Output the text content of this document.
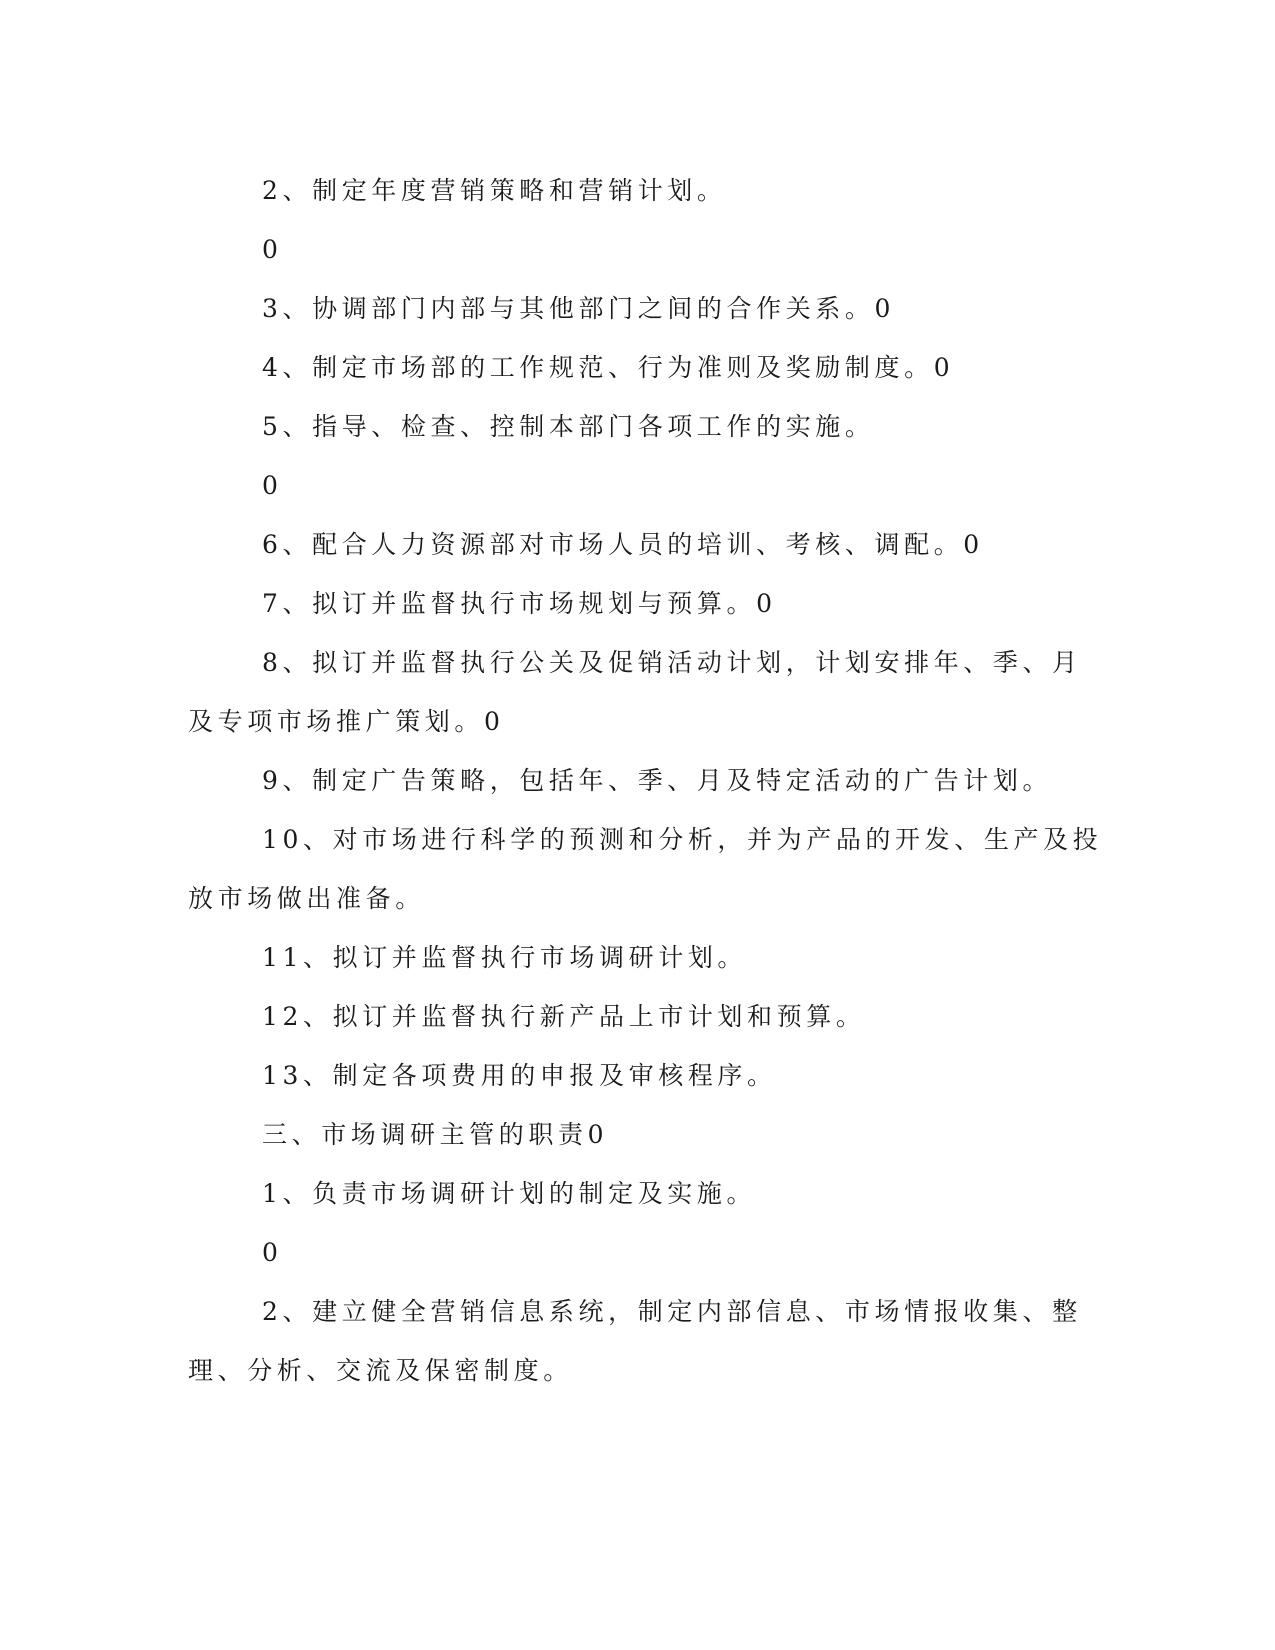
2、制定年度营销策略和营销计划。
0
3、协调部门内部与其他部门之间的合作关系。0
4、制定市场部的工作规范、行为准则及奖励制度。0
5、指导、检查、控制本部门各项工作的实施。
0
6、配合人力资源部对市场人员的培训、考核、调配。0
7、拟订并监督执行市场规划与预算。0
8、拟订并监督执行公关及促销活动计划，计划安排年、季、月
及专项市场推广策划。0
9、制定广告策略，包括年、季、月及特定活动的广告计划。
10、对市场进行科学的预测和分析，并为产品的开发、生产及投
放市场做出准备。
11、拟订并监督执行市场调研计划。
12、拟订并监督执行新产品上市计划和预算。
13、制定各项费用的申报及审核程序。
三、市场调研主管的职责0
1、负责市场调研计划的制定及实施。
0
2、建立健全营销信息系统，制定内部信息、市场情报收集、整
理、分析、交流及保密制度。
